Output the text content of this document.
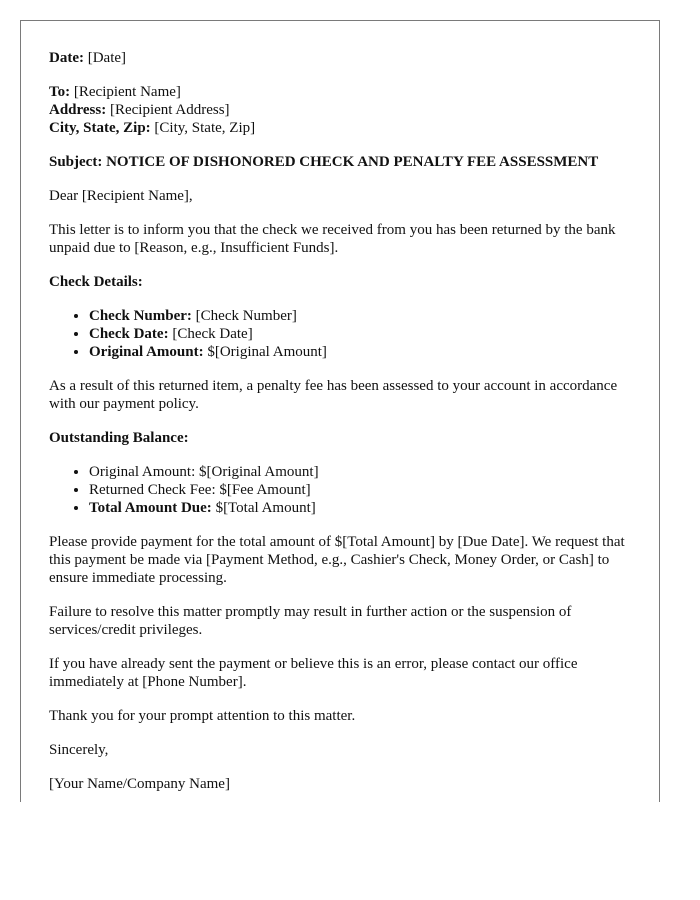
Date: [Date]

To: [Recipient Name]

Address: [Recipient Address]

City, State, Zip: [City, State, Zip]

Subject: NOTICE OF DISHONORED CHECK AND PENALTY FEE ASSESSMENT

Dear [Recipient Name],

This letter is to inform you that the check we received from you has been returned by the bank unpaid due to [Reason, e.g., Insufficient Funds].

Check Details:

• Check Number: [Check Number]
• Check Date: [Check Date]
• Original Amount: $[Original Amount]

As a result of this returned item, a penalty fee has been assessed to your account in accordance with our payment policy.

Outstanding Balance:

• Original Amount: $[Original Amount]
• Returned Check Fee: $[Fee Amount]
• Total Amount Due: $[Total Amount]

Please provide payment for the total amount of $[Total Amount] by [Due Date]. We request that this payment be made via [Payment Method, e.g., Cashier's Check, Money Order, or Cash] to ensure immediate processing.

Failure to resolve this matter promptly may result in further action or the suspension of services/credit privileges.

If you have already sent the payment or believe this is an error, please contact our office immediately at [Phone Number].

Thank you for your prompt attention to this matter.

Sincerely,

[Your Name/Company Name]
